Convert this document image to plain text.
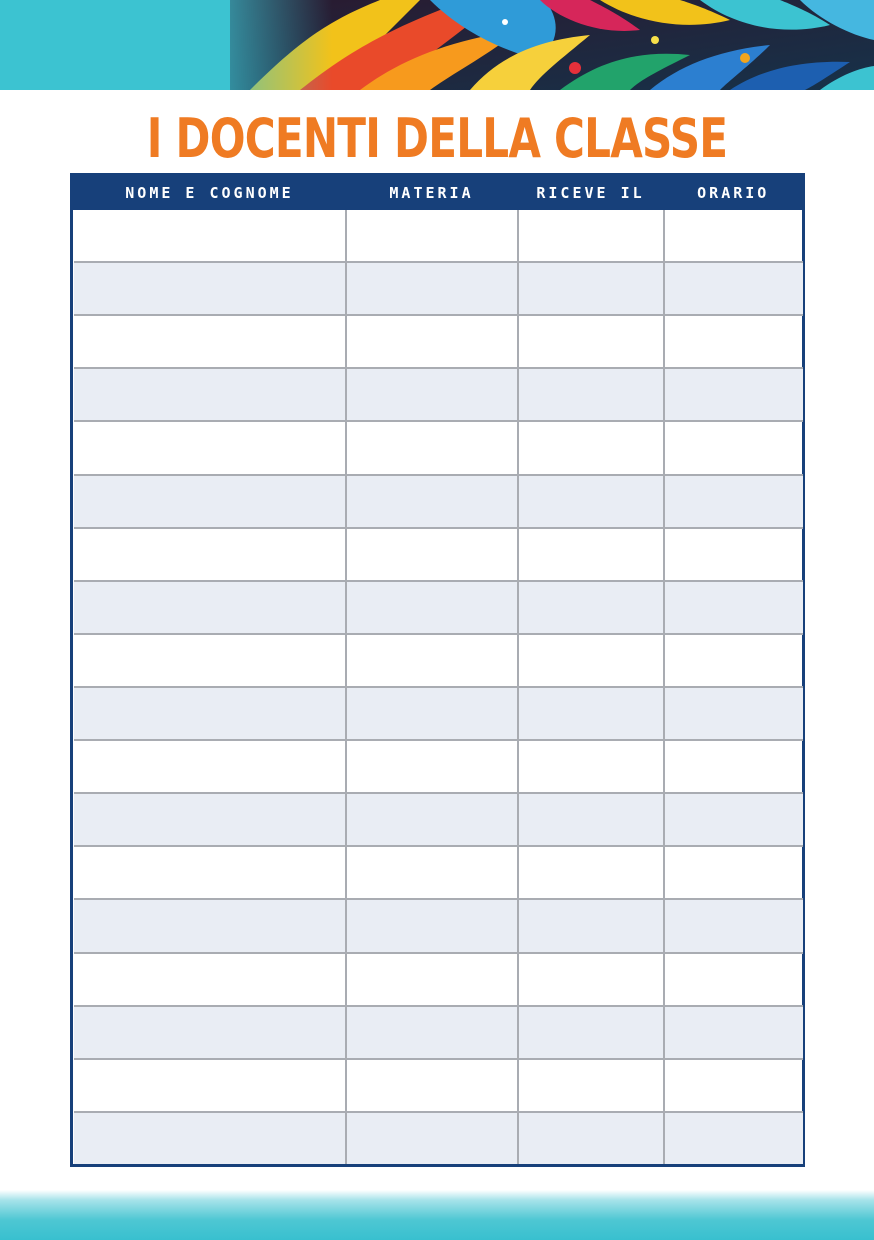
I DOCENTI DELLA CLASSE
NOME E COGNOME	MATERIA	RICEVE IL	ORARIO
